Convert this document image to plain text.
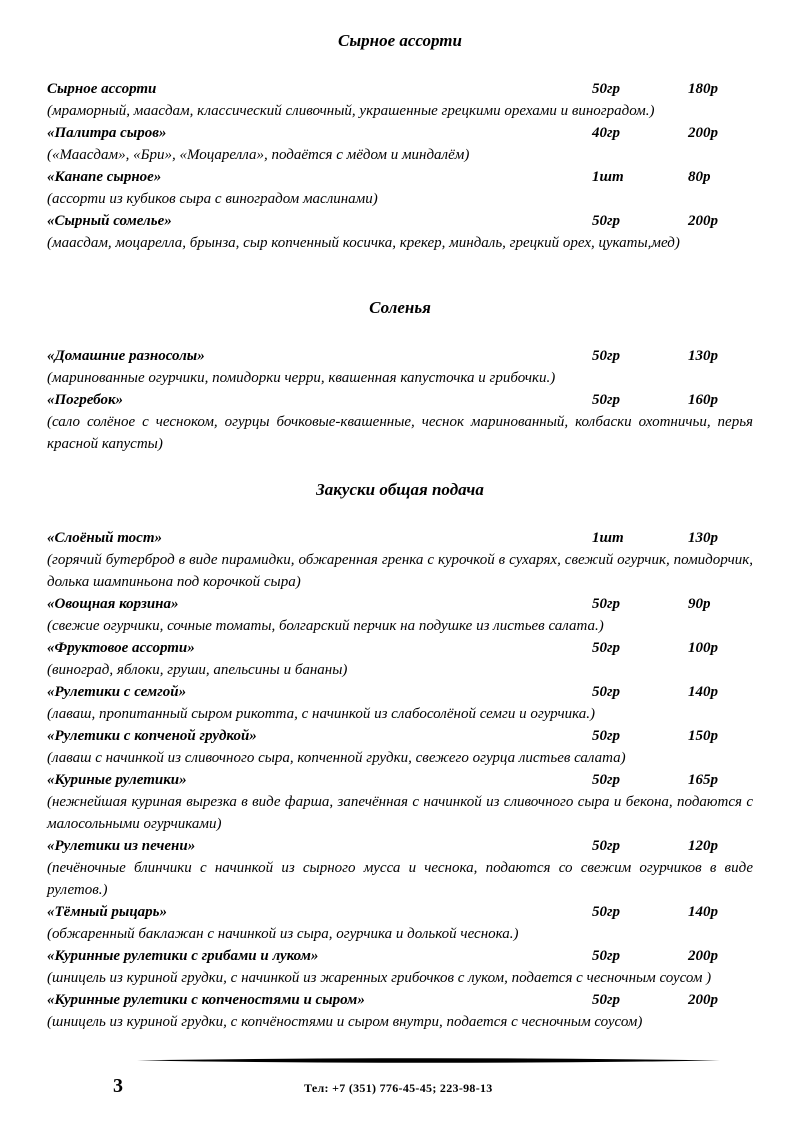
Сырное ассорти
Сырное ассорти	50гр	180р

(мраморный, маасдам, классический сливочный, украшенные грецкими орехами и виноградом.)

«Палитра сыров»	40гр	200р

(«Маасдам», «Бри», «Моцарелла», подаётся с мёдом и миндалём)

«Канапе сырное»	1шт	80р

(ассорти из кубиков сыра с виноградом маслинами)

«Сырный сомелье»	50гр	200р

(маасдам, моцарелла, брынза, сыр копченный косичка, крекер, миндаль, грецкий орех, цукаты,мед)

Соленья
«Домашние разносолы»	50гр	130р

(маринованные огурчики, помидорки черри, квашенная капусточка и грибочки.)

«Погребок»	50гр	160р

(сало солёное с чесноком, огурцы бочковые-квашенные, чеснок маринованный, колбаски охотничьи, перья красной капусты)

Закуски общая подача
«Слоёный тост»	1шт	130р

(горячий бутерброд в виде пирамидки, обжаренная гренка с курочкой в сухарях, свежий огурчик, помидорчик, долька шампиньона под корочкой сыра)

«Овощная корзина»	50гр	90р

(свежие огурчики, сочные томаты, болгарский перчик на подушке из листьев салата.)

«Фруктовое ассорти»	50гр	100р

(виноград, яблоки, груши, апельсины и бананы)

«Рулетики с семгой»	50гр	140р

(лаваш, пропитанный сыром рикотта, с начинкой из слабосолёной семги и огурчика.)

«Рулетики с копченой грудкой»	50гр	150р

(лаваш с начинкой из сливочного сыра, копченной грудки, свежего огурца листьев салата)

«Куриные рулетики»	50гр	165р

(нежнейшая куриная вырезка в виде фарша, запечённая с начинкой из сливочного сыра и бекона, подаются с малосольными огурчиками)

«Рулетики из печени»	50гр	120р

(печёночные блинчики с начинкой из сырного мусса и чеснока, подаются со свежим огурчиков в виде рулетов.)

«Тёмный рыцарь»	50гр	140р

(обжаренный баклажан с начинкой из сыра, огурчика и долькой чеснока.)

«Куринные рулетики с грибами и луком»	50гр	200р

(шницель из куриной грудки, с начинкой из жаренных грибочков с луком, подается с чесночным соусом )

«Куринные рулетики с копченостями и сыром»	50гр	200р

(шницель из куриной грудки, с копчёностями и сыром внутри, подается с чесночным соусом)

3	Тел: +7 (351) 776-45-45; 223-98-13
